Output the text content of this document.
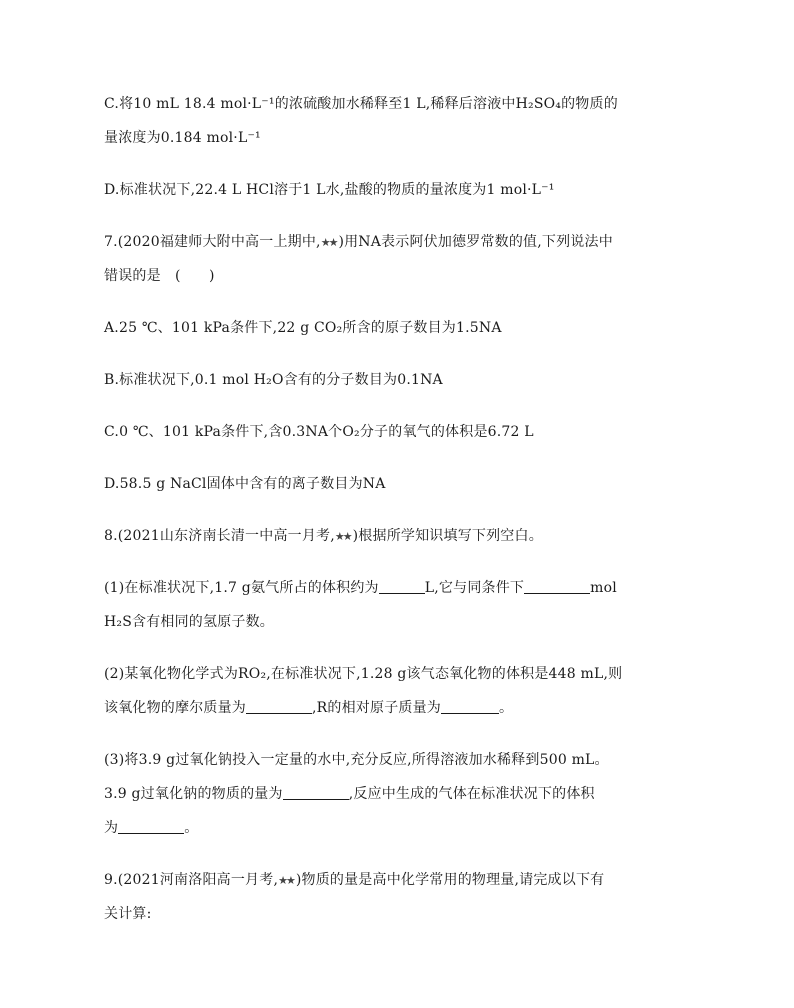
C.将10 mL 18.4 mol·L⁻¹的浓硫酸加水稀释至1 L,稀释后溶液中H₂SO₄的物质的
量浓度为0.184 mol·L⁻¹
D.标准状况下,22.4 L HCl溶于1 L水,盐酸的物质的量浓度为1 mol·L⁻¹
7.(2020福建师大附中高一上期中,★★ )用NA表示阿伏加德罗常数的值,下列说法中
错误的是　(　　)
A.25 ℃、101 kPa条件下,22 g CO₂所含的原子数目为1.5NA
B.标准状况下,0.1 mol H₂O含有的分子数目为0.1NA
C.0 ℃、101 kPa条件下,含0.3NA个O₂分子的氧气的体积是6.72 L
D.58.5 g NaCl固体中含有的离子数目为NA
8.(2021山东济南长清一中高一月考,★★ )根据所学知识填写下列空白。
(1)在标准状况下,1.7 g氨气所占的体积约为	L,它与同条件下	mol
H₂S含有相同的氢原子数。
(2)某氧化物化学式为RO₂,在标准状况下,1.28 g该气态氧化物的体积是448 mL,则
该氧化物的摩尔质量为	,R的相对原子质量为	。
(3)将3.9 g过氧化钠投入一定量的水中,充分反应,所得溶液加水稀释到500 mL。
3.9 g过氧化钠的物质的量为	,反应中生成的气体在标准状况下的体积
为	。
9.(2021河南洛阳高一月考,★★ )物质的量是高中化学常用的物理量,请完成以下有
关计算:
